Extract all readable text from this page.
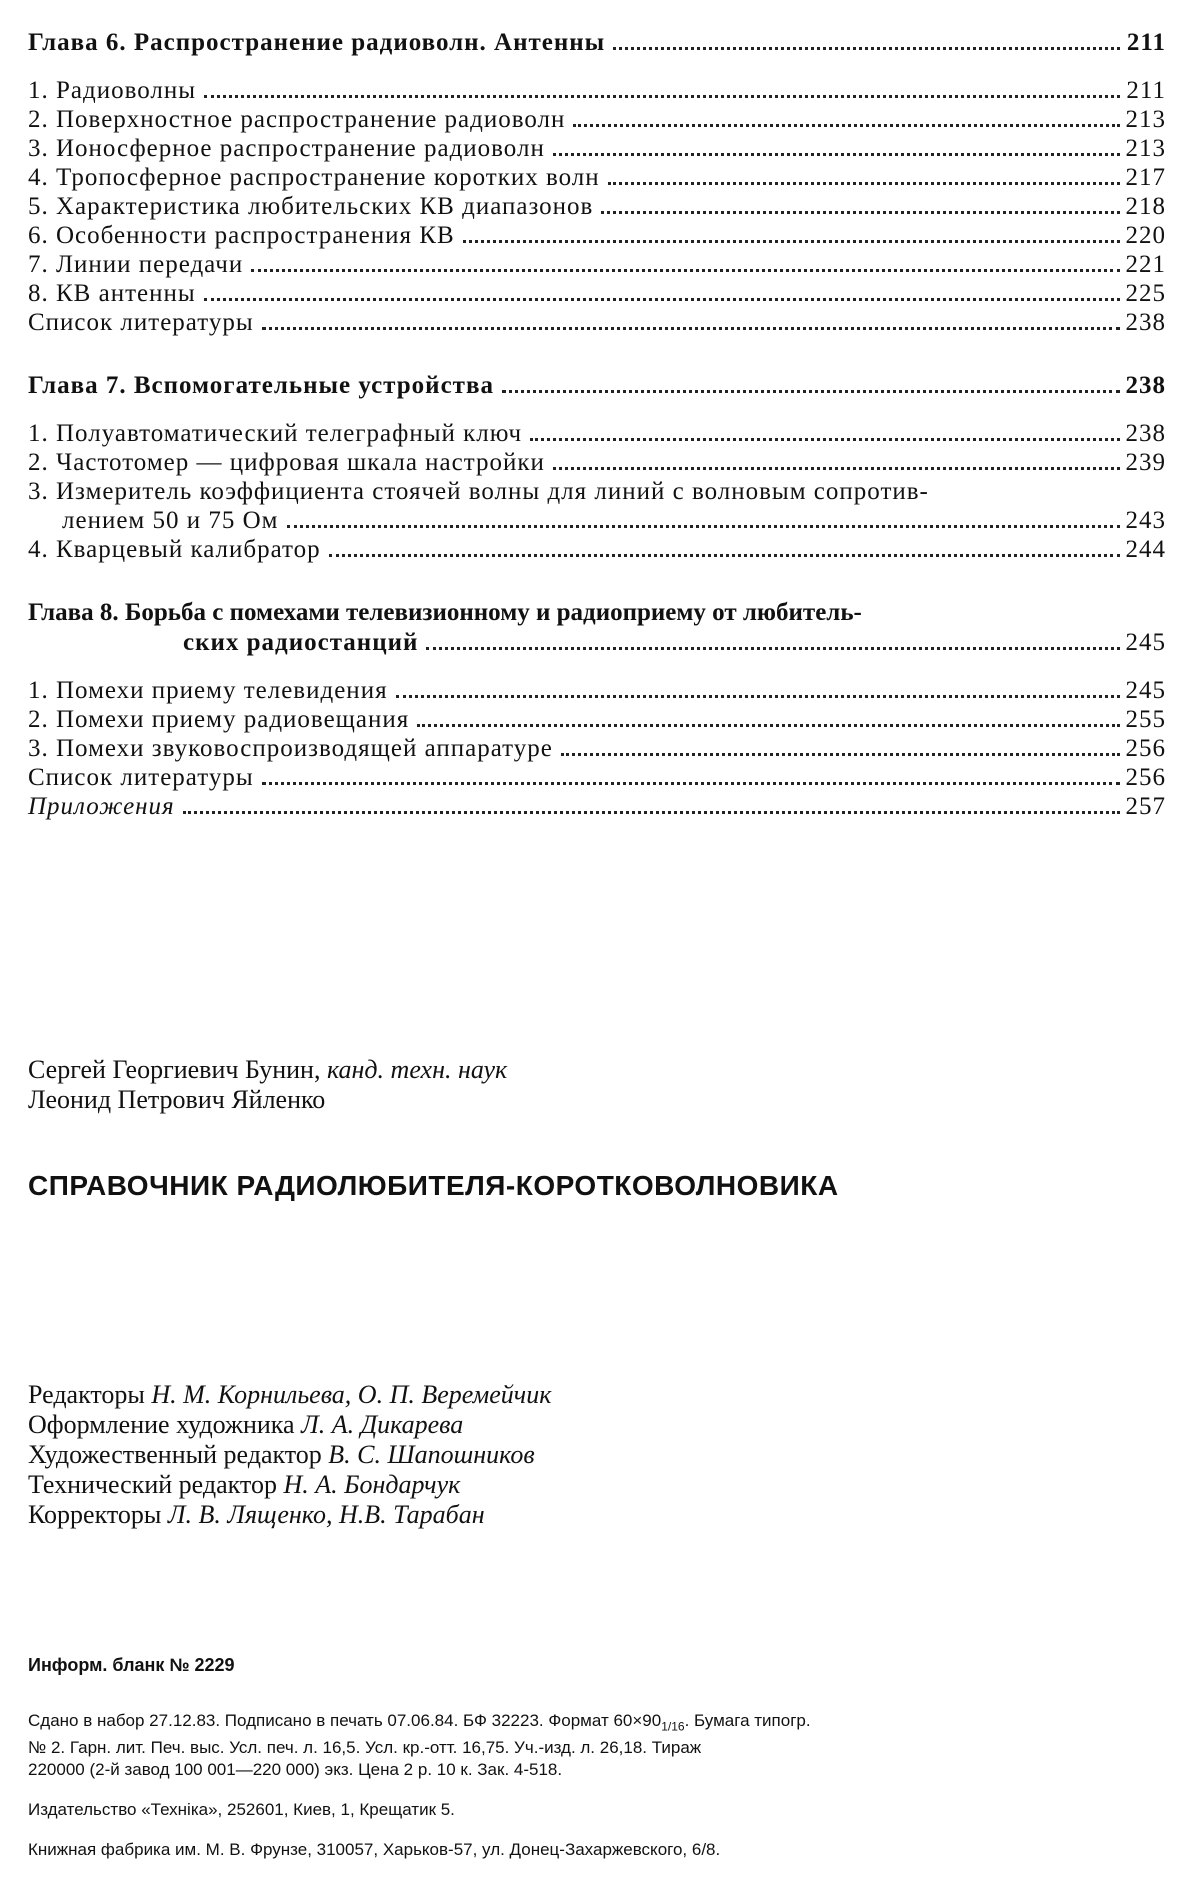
Глава 6. Распространение радиоволн. Антенны	211
1. Радиоволны	211
2. Поверхностное распространение радиоволн	213
3. Ионосферное распространение радиоволн	213
4. Тропосферное распространение коротких волн	217
5. Характеристика любительских КВ диапазонов	218
6. Особенности распространения КВ	220
7. Линии передачи	221
8. КВ антенны	225
Список литературы	238
Глава 7. Вспомогательные устройства	238
1. Полуавтоматический телеграфный ключ	238
2. Частотомер — цифровая шкала настройки	239
3. Измеритель коэффициента стоячей волны для линий с волновым сопротив-
лением 50 и 75 Ом	243
4. Кварцевый калибратор	244
Глава 8. Борьба с помехами телевизионному и радиоприему от любитель-
ских радиостанций	245
1. Помехи приему телевидения	245
2. Помехи приему радиовещания	255
3. Помехи звуковоспроизводящей аппаратуре	256
Список литературы	256
Приложения	257
Сергей Георгиевич Бунин, канд. техн. наук
Леонид Петрович Яйленко
СПРАВОЧНИК РАДИОЛЮБИТЕЛЯ-КОРОТКОВОЛНОВИКА
Редакторы Н. М. Корнильева, О. П. Веремейчик
Оформление художника Л. А. Дикарева
Художественный редактор В. С. Шапошников
Технический редактор Н. А. Бондарчук
Корректоры Л. В. Лященко, Н.В. Тарабан

Информ. бланк № 2229

Сдано в набор 27.12.83. Подписано в печать 07.06.84. БФ 32223. Формат $60\times 90_{1/16}$. Бумага типогр.
№ 2. Гарн. лит. Печ. выс. Усл. печ. л. 16,5. Усл. кр.-отт. 16,75. Уч.-изд. л. 26,18. Тираж
220000 (2-й завод 100 001—220 000) экз. Цена 2 р. 10 к. Зак. 4-518.

Издательство «Техніка», 252601, Киев, 1, Крещатик 5.

Книжная фабрика им. М. В. Фрунзе, 310057, Харьков-57, ул. Донец-Захаржевского, 6/8.
